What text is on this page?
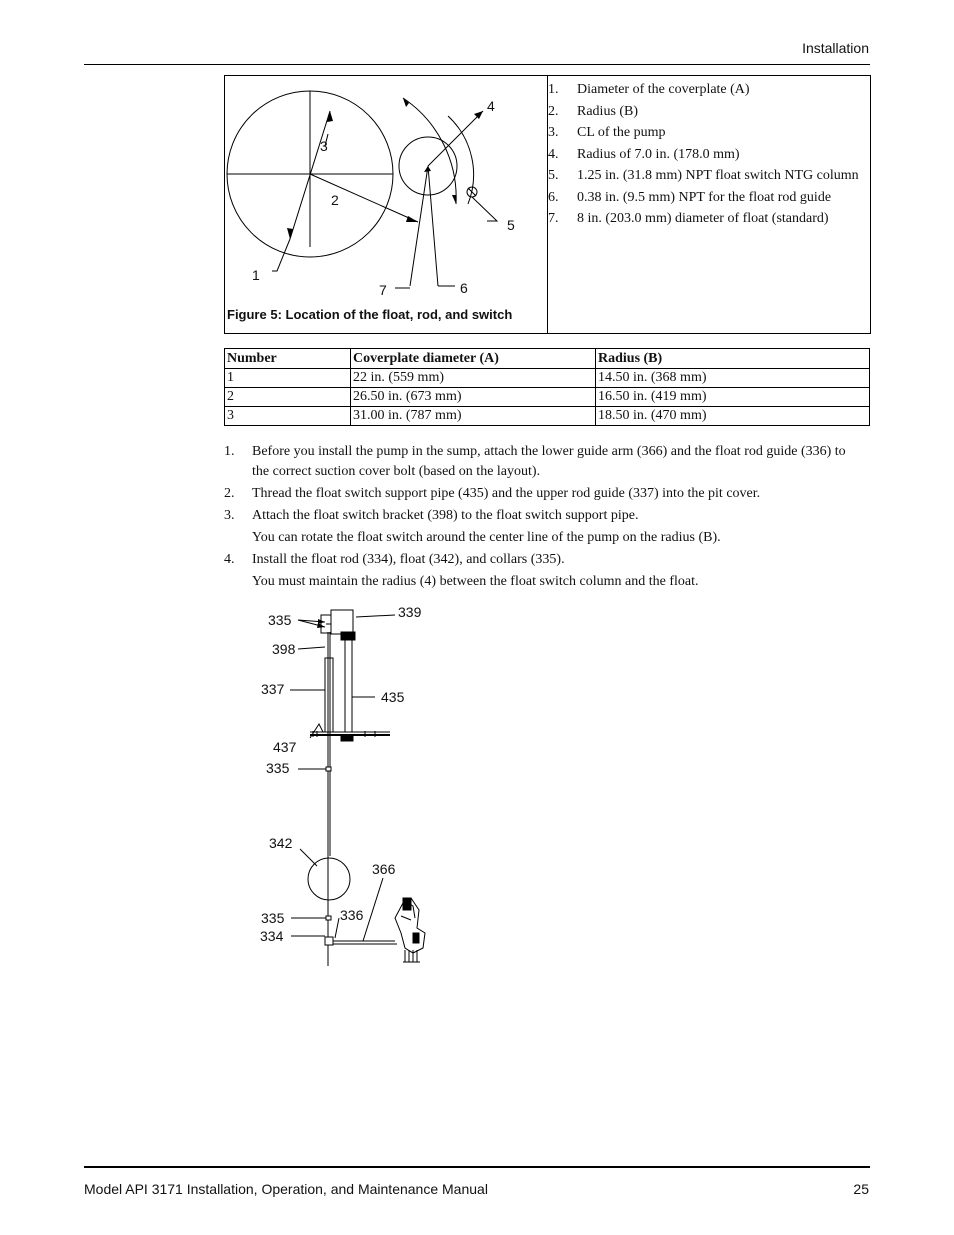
Installation
1
2
3
4
5
6
7
Figure 5: Location of the float, rod, and switch
1. Diameter of the coverplate (A)
2. Radius (B)
3. CL of the pump
4. Radius of 7.0 in. (178.0 mm)
5. 1.25 in. (31.8 mm) NPT float switch NTG column
6. 0.38 in. (9.5 mm) NPT for the float rod guide
7. 8 in. (203.0 mm) diameter of float (standard)
Number	Coverplate diameter (A)	Radius (B)
1	22 in. (559 mm)	14.50 in. (368 mm)
2	26.50 in. (673 mm)	16.50 in. (419 mm)
3	31.00 in. (787 mm)	18.50 in. (470 mm)
1. Before you install the pump in the sump, attach the lower guide arm (366) and the float rod guide (336) to the correct suction cover bolt (based on the layout).
2. Thread the float switch support pipe (435) and the upper rod guide (337) into the pit cover.
3. Attach the float switch bracket (398) to the float switch support pipe.
You can rotate the float switch around the center line of the pump on the radius (B).
4. Install the float rod (334), float (342), and collars (335).
You must maintain the radius (4) between the float switch column and the float.
335	339
398
337	435
437
335
342
366
335	336
334
Model API 3171 Installation, Operation, and Maintenance Manual	25
